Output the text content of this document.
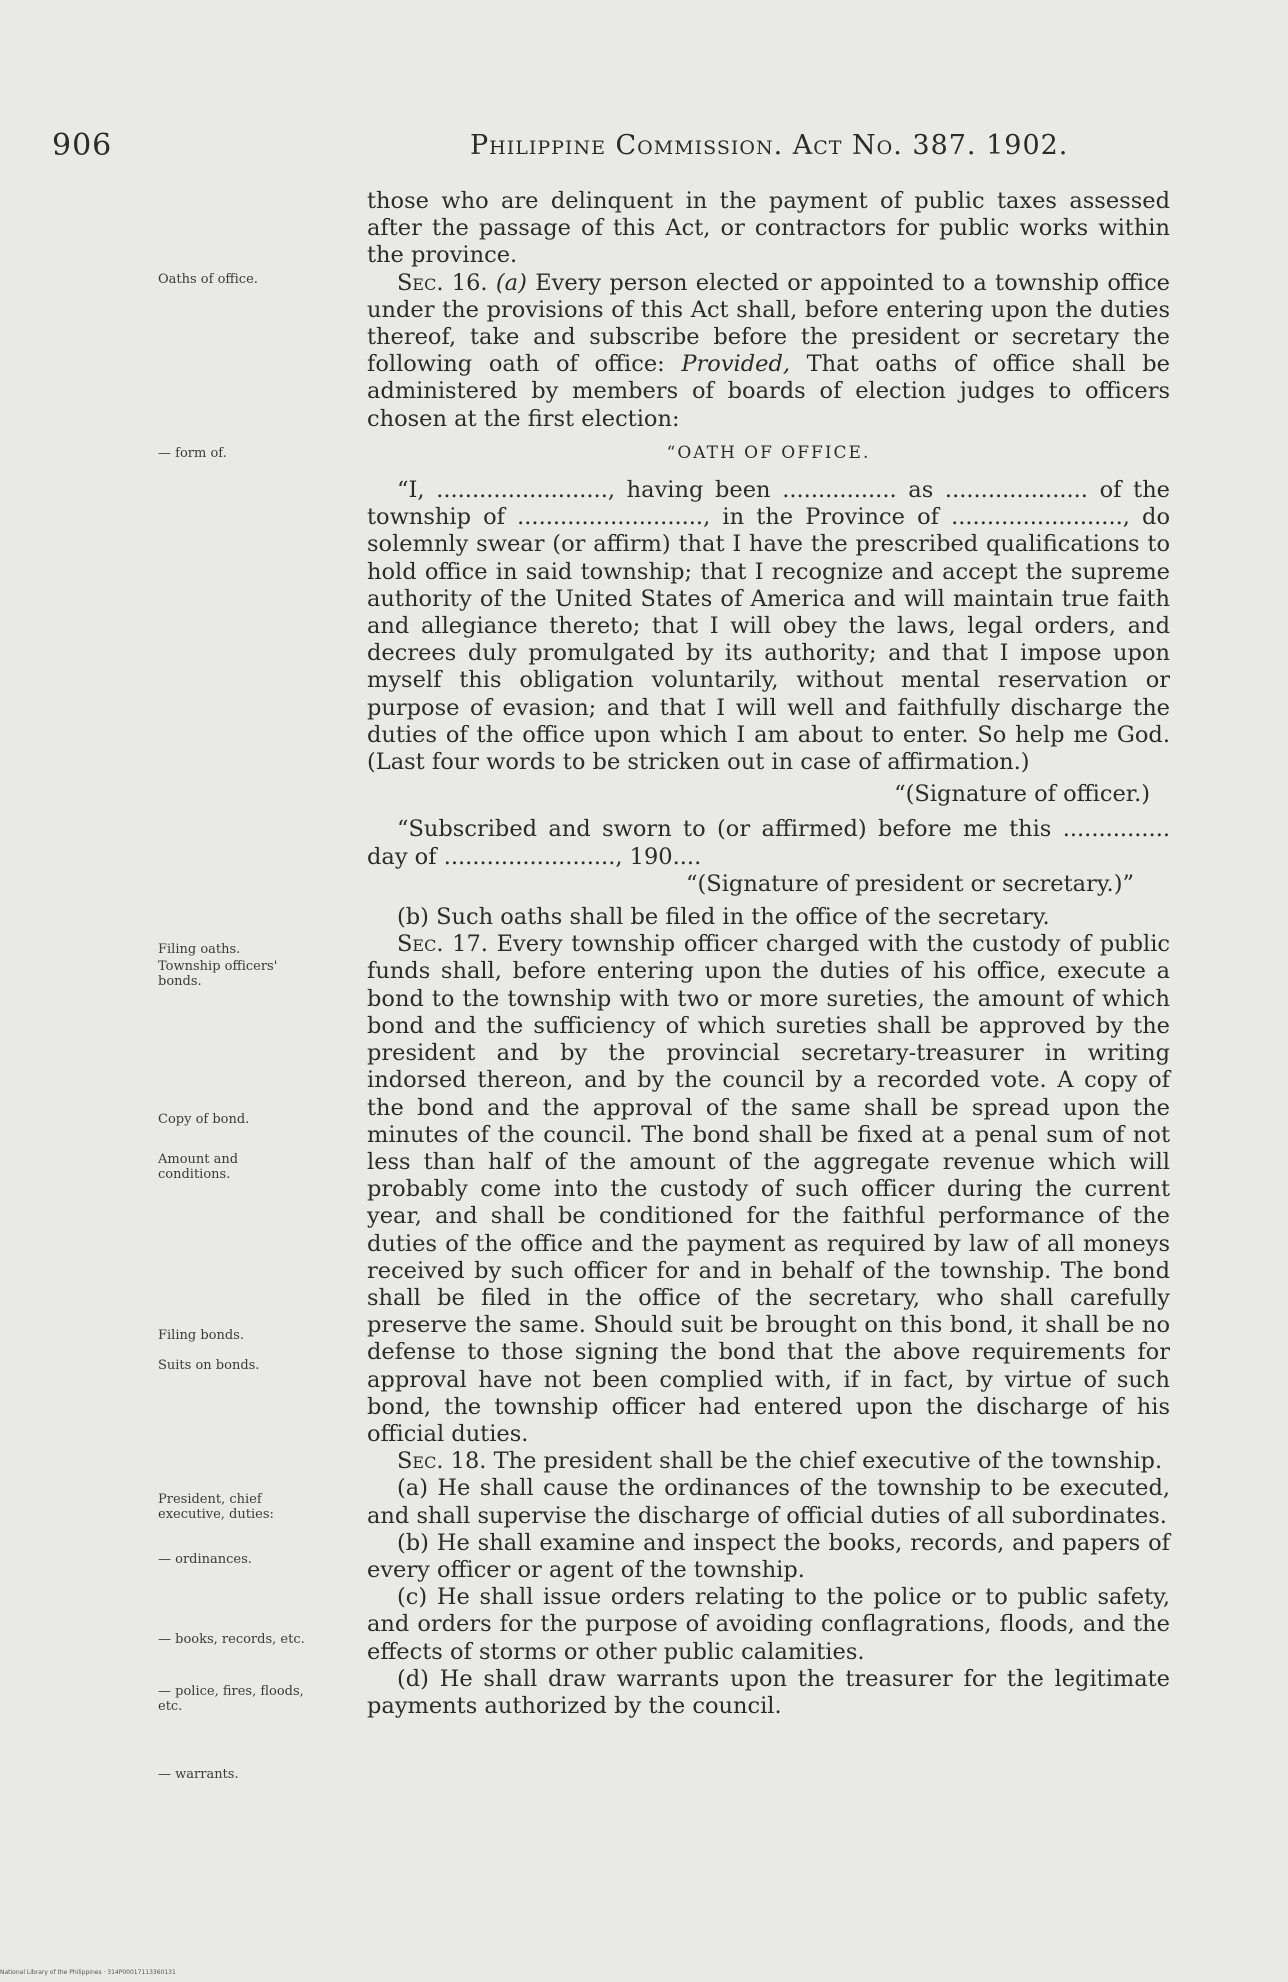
906	Philippine Commission. Act No. 387. 1902.
Oaths of office.
— form of.
Filing oaths.
Township officers' bonds.
Copy of bond.
Amount and conditions.
Filing bonds.
Suits on bonds.
President, chief executive, duties:
— ordinances.
— books, records, etc.
— police, fires, floods, etc.
— warrants.

those who are delinquent in the payment of public taxes assessed after the passage of this Act, or contractors for public works within the province.

Sec. 16. (a) Every person elected or appointed to a township office under the provisions of this Act shall, before entering upon the duties thereof, take and subscribe before the president or secretary the following oath of office: Provided, That oaths of office shall be administered by members of boards of election judges to officers chosen at the first election:

“OATH OF OFFICE.

“I, ........................, having been ................ as .................... of the township of .........................., in the Province of ........................, do solemnly swear (or affirm) that I have the prescribed qualifications to hold office in said township; that I recognize and accept the supreme authority of the United States of America and will maintain true faith and allegiance thereto; that I will obey the laws, legal orders, and decrees duly promulgated by its authority; and that I impose upon myself this obligation voluntarily, without mental reservation or purpose of evasion; and that I will well and faithfully discharge the duties of the office upon which I am about to enter. So help me God. (Last four words to be stricken out in case of affirmation.)

“(Signature of officer.)

“Subscribed and sworn to (or affirmed) before me this ............... day of ........................, 190....

“(Signature of president or secretary.)”

(b) Such oaths shall be filed in the office of the secretary.

Sec. 17. Every township officer charged with the custody of public funds shall, before entering upon the duties of his office, execute a bond to the township with two or more sureties, the amount of which bond and the sufficiency of which sureties shall be approved by the president and by the provincial secretary-treasurer in writing indorsed thereon, and by the council by a recorded vote. A copy of the bond and the approval of the same shall be spread upon the minutes of the council. The bond shall be fixed at a penal sum of not less than half of the amount of the aggregate revenue which will probably come into the custody of such officer during the current year, and shall be conditioned for the faithful performance of the duties of the office and the payment as required by law of all moneys received by such officer for and in behalf of the township. The bond shall be filed in the office of the secretary, who shall carefully preserve the same. Should suit be brought on this bond, it shall be no defense to those signing the bond that the above requirements for approval have not been complied with, if in fact, by virtue of such bond, the township officer had entered upon the discharge of his official duties.

Sec. 18. The president shall be the chief executive of the township.

(a) He shall cause the ordinances of the township to be executed, and shall supervise the discharge of official duties of all subordinates.

(b) He shall examine and inspect the books, records, and papers of every officer or agent of the township.

(c) He shall issue orders relating to the police or to public safety, and orders for the purpose of avoiding conflagrations, floods, and the effects of storms or other public calamities.

(d) He shall draw warrants upon the treasurer for the legitimate payments authorized by the council.

National Library of the Philippines · 314P00017113360131
